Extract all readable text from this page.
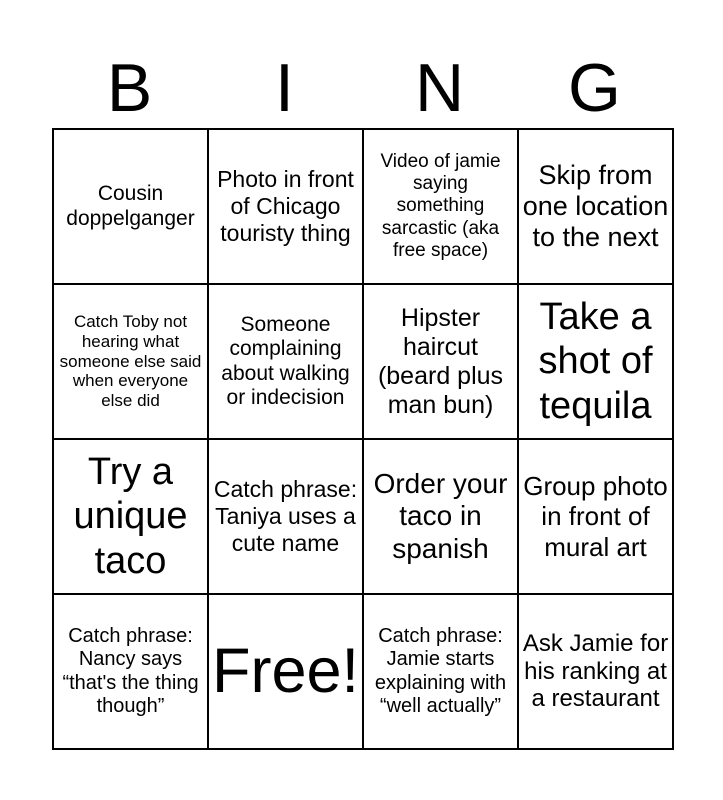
B	I	N	G
Cousin doppelganger	Photo in front of Chicago touristy thing	Video of jamie saying something sarcastic (aka free space)	Skip from one location to the next

Catch Toby not hearing what someone else said when everyone else did	Someone complaining about walking or indecision	Hipster haircut (beard plus man bun)	Take a shot of tequila

Try a unique taco	Catch phrase: Taniya uses a cute name	Order your taco in spanish	Group photo in front of mural art

Catch phrase: Nancy says “that's the thing though”	Free!	Catch phrase: Jamie starts explaining with “well actually”	Ask Jamie for his ranking at a restaurant
